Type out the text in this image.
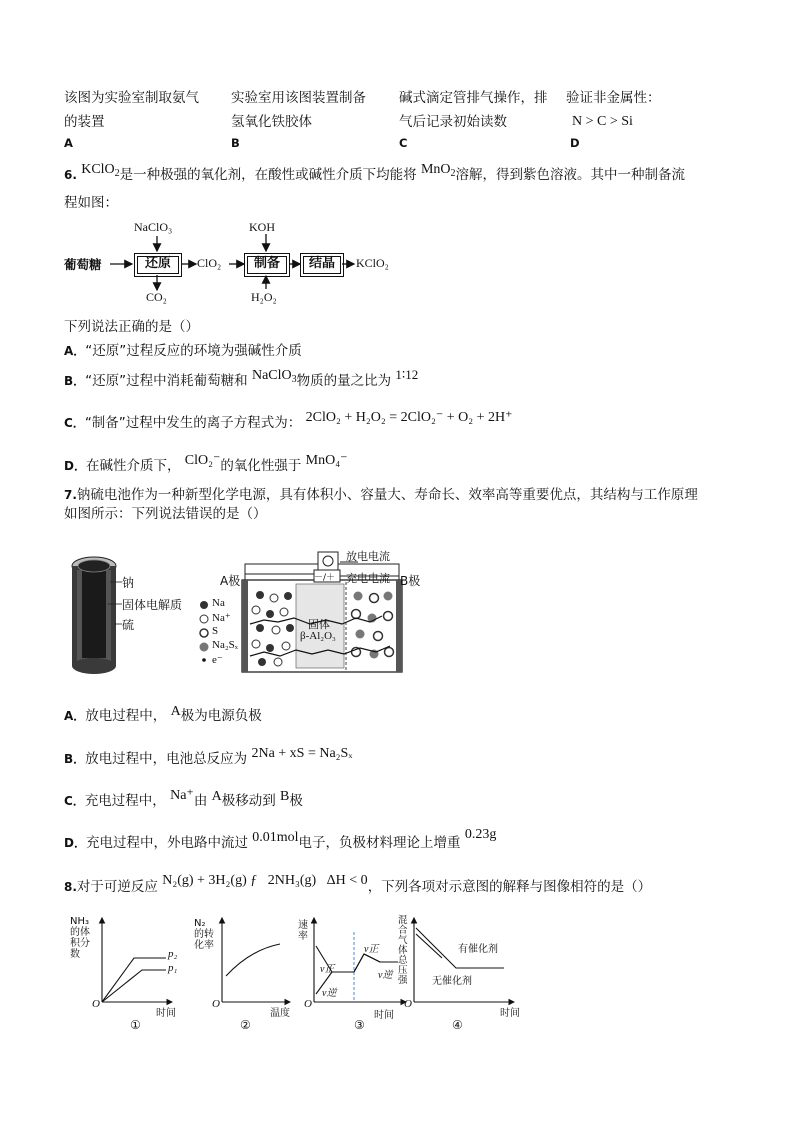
该图为实验室制取氨气
的装置
A
实验室用该图装置制备
氢氧化铁胶体
B
碱式滴定管排气操作，排
气后记录初始读数
C
验证非金属性：
N > C > Si
D
6. KClO$_2$是一种极强的氧化剂，在酸性或碱性介质下均能将 MnO$_2$溶解，得到紫色溶液。其中一种制备流
程如图：
葡萄糖	还原
NaClO₃
CO₂
ClO₂	制备
KOH
H₂O₂
结晶	KClO₂
下列说法正确的是（）
A．“还原”过程反应的环境为强碱性介质
B．“还原”过程中消耗葡萄糖和 NaClO$_3$物质的量之比为 1∶12
C．“制备”过程中发生的离子方程式为： 2ClO₂ + H₂O₂ = 2ClO₂⁻ + O₂ + 2H⁺
D．在碱性介质下， ClO₂⁻的氧化性强于 MnO₄⁻
7.钠硫电池作为一种新型化学电源，具有体积小、容量大、寿命长、效率高等重要优点，其结构与工作原理
如图所示：下列说法错误的是（）
钠
固体电解质
硫
A极	B极
放电电流
充电电流
－/＋
Na
Na⁺
S
Na₂Sₓ
e⁻
固体
β-Al₂O₃
A．放电过程中， A极为电源负极
B．放电过程中，电池总反应为 2Na + xS = Na₂Sₓ
C．充电过程中， Na⁺由 A极移动到 B极
D．充电过程中，外电路中流过 0.01mol电子，负极材料理论上增重 0.23g
8.对于可逆反应 N₂(g) + 3H₂(g) ƒ   2NH₃(g)   ΔH < 0，下列各项对示意图的解释与图像相符的是（）
NH₃的体积分数
时间
p₂
p₁
①
O
N₂的转化率
温度
②
O
速率
时间
v正
v逆
v正
v逆
③
O
混合气体总压强
时间
有催化剂
无催化剂
④
O
